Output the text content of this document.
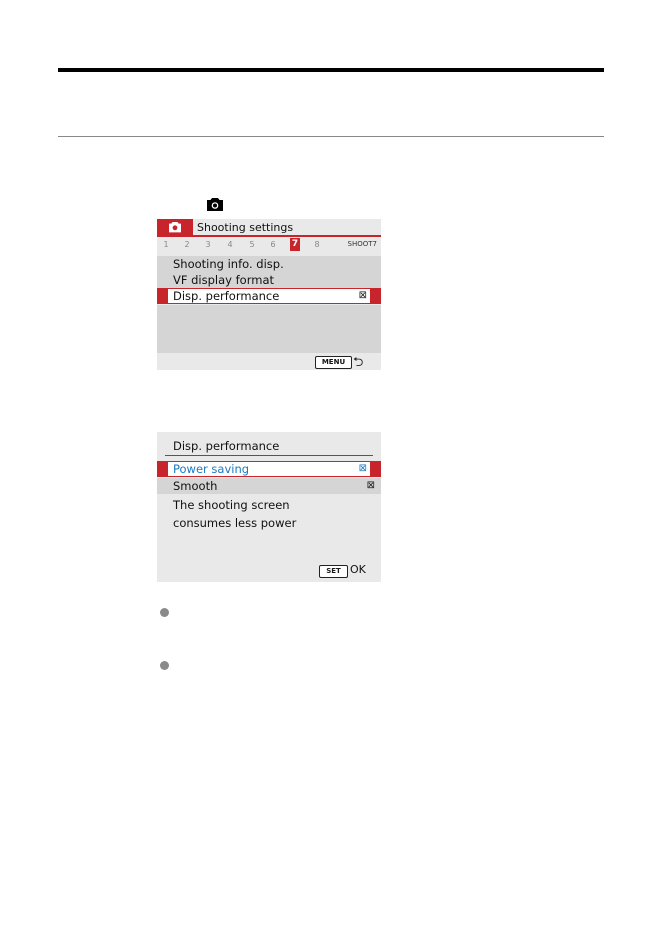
Shooting settings
1	2	3	4	5	6 7	8	SHOOT7
Shooting info. disp.
VF display format
Disp. performance	⊠
MENU ⮌
Disp. performance
Power saving	⊠
Smooth	⊠
The shooting screen
consumes less power
SET OK
